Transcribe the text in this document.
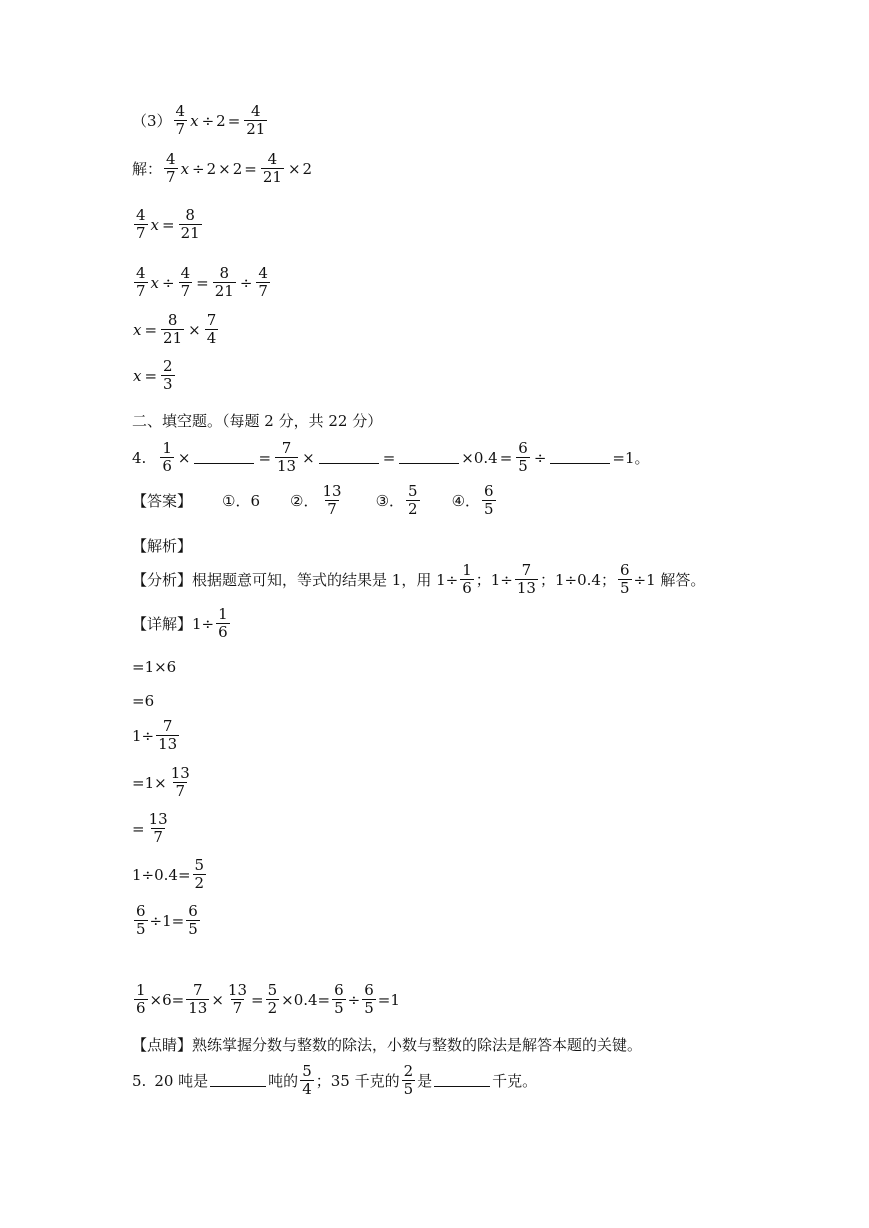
$(3) \frac{4}{7}$ $x \div 2 = \frac{4}{21}$
解： $\frac{4}{7}$ $x \div 2 \times 2 = \frac{4}{21} \times 2$
$\frac{4}{7}$ $x = \frac{8}{21}$
$\frac{4}{7}$ $x \div \frac{4}{7} = \frac{8}{21} \div \frac{4}{7}$
$x = \frac{8}{21} \times \frac{7}{4}$
$x = \frac{2}{3}$
二、填空题。（每题 2 分，共 22 分）
4. $\frac{1}{6}$ ×	= $\frac{7}{13}$ ×	=	$\times 0.4 = \frac{6}{5}$ ÷	=1。
【答案】 ①．6 ②． $\frac{13}{7}$ ③． $\frac{5}{2}$ ④． $\frac{6}{5}$
【解析】
【分析】 根据题意可知，等式的结果是 1，用 $1\div \frac{1}{6}$ ；$1\div \frac{7}{13}$ ；1÷0.4； $\frac{6}{5} \div 1$ 解答。
【详解】 $1\div \frac{1}{6}$
=1×6
=6
$1\div \frac{7}{13}$
$=1\times \frac{13}{7}$
= $\frac{13}{7}$
$1\div 0.4= \frac{5}{2}$
$\frac{6}{5} \div 1= \frac{6}{5}$
$\frac{1}{6} \times 6= \frac{7}{13} \times \frac{13}{7} = \frac{5}{2} \times 0.4= \frac{6}{5} \div \frac{6}{5} =1$
【点睛】 熟练掌握分数与整数的除法，小数与整数的除法是解答本题的关键。
5. 20 吨是	吨的 $\frac{5}{4}$ ；35 千克的 $\frac{2}{5}$ 是	千克。
